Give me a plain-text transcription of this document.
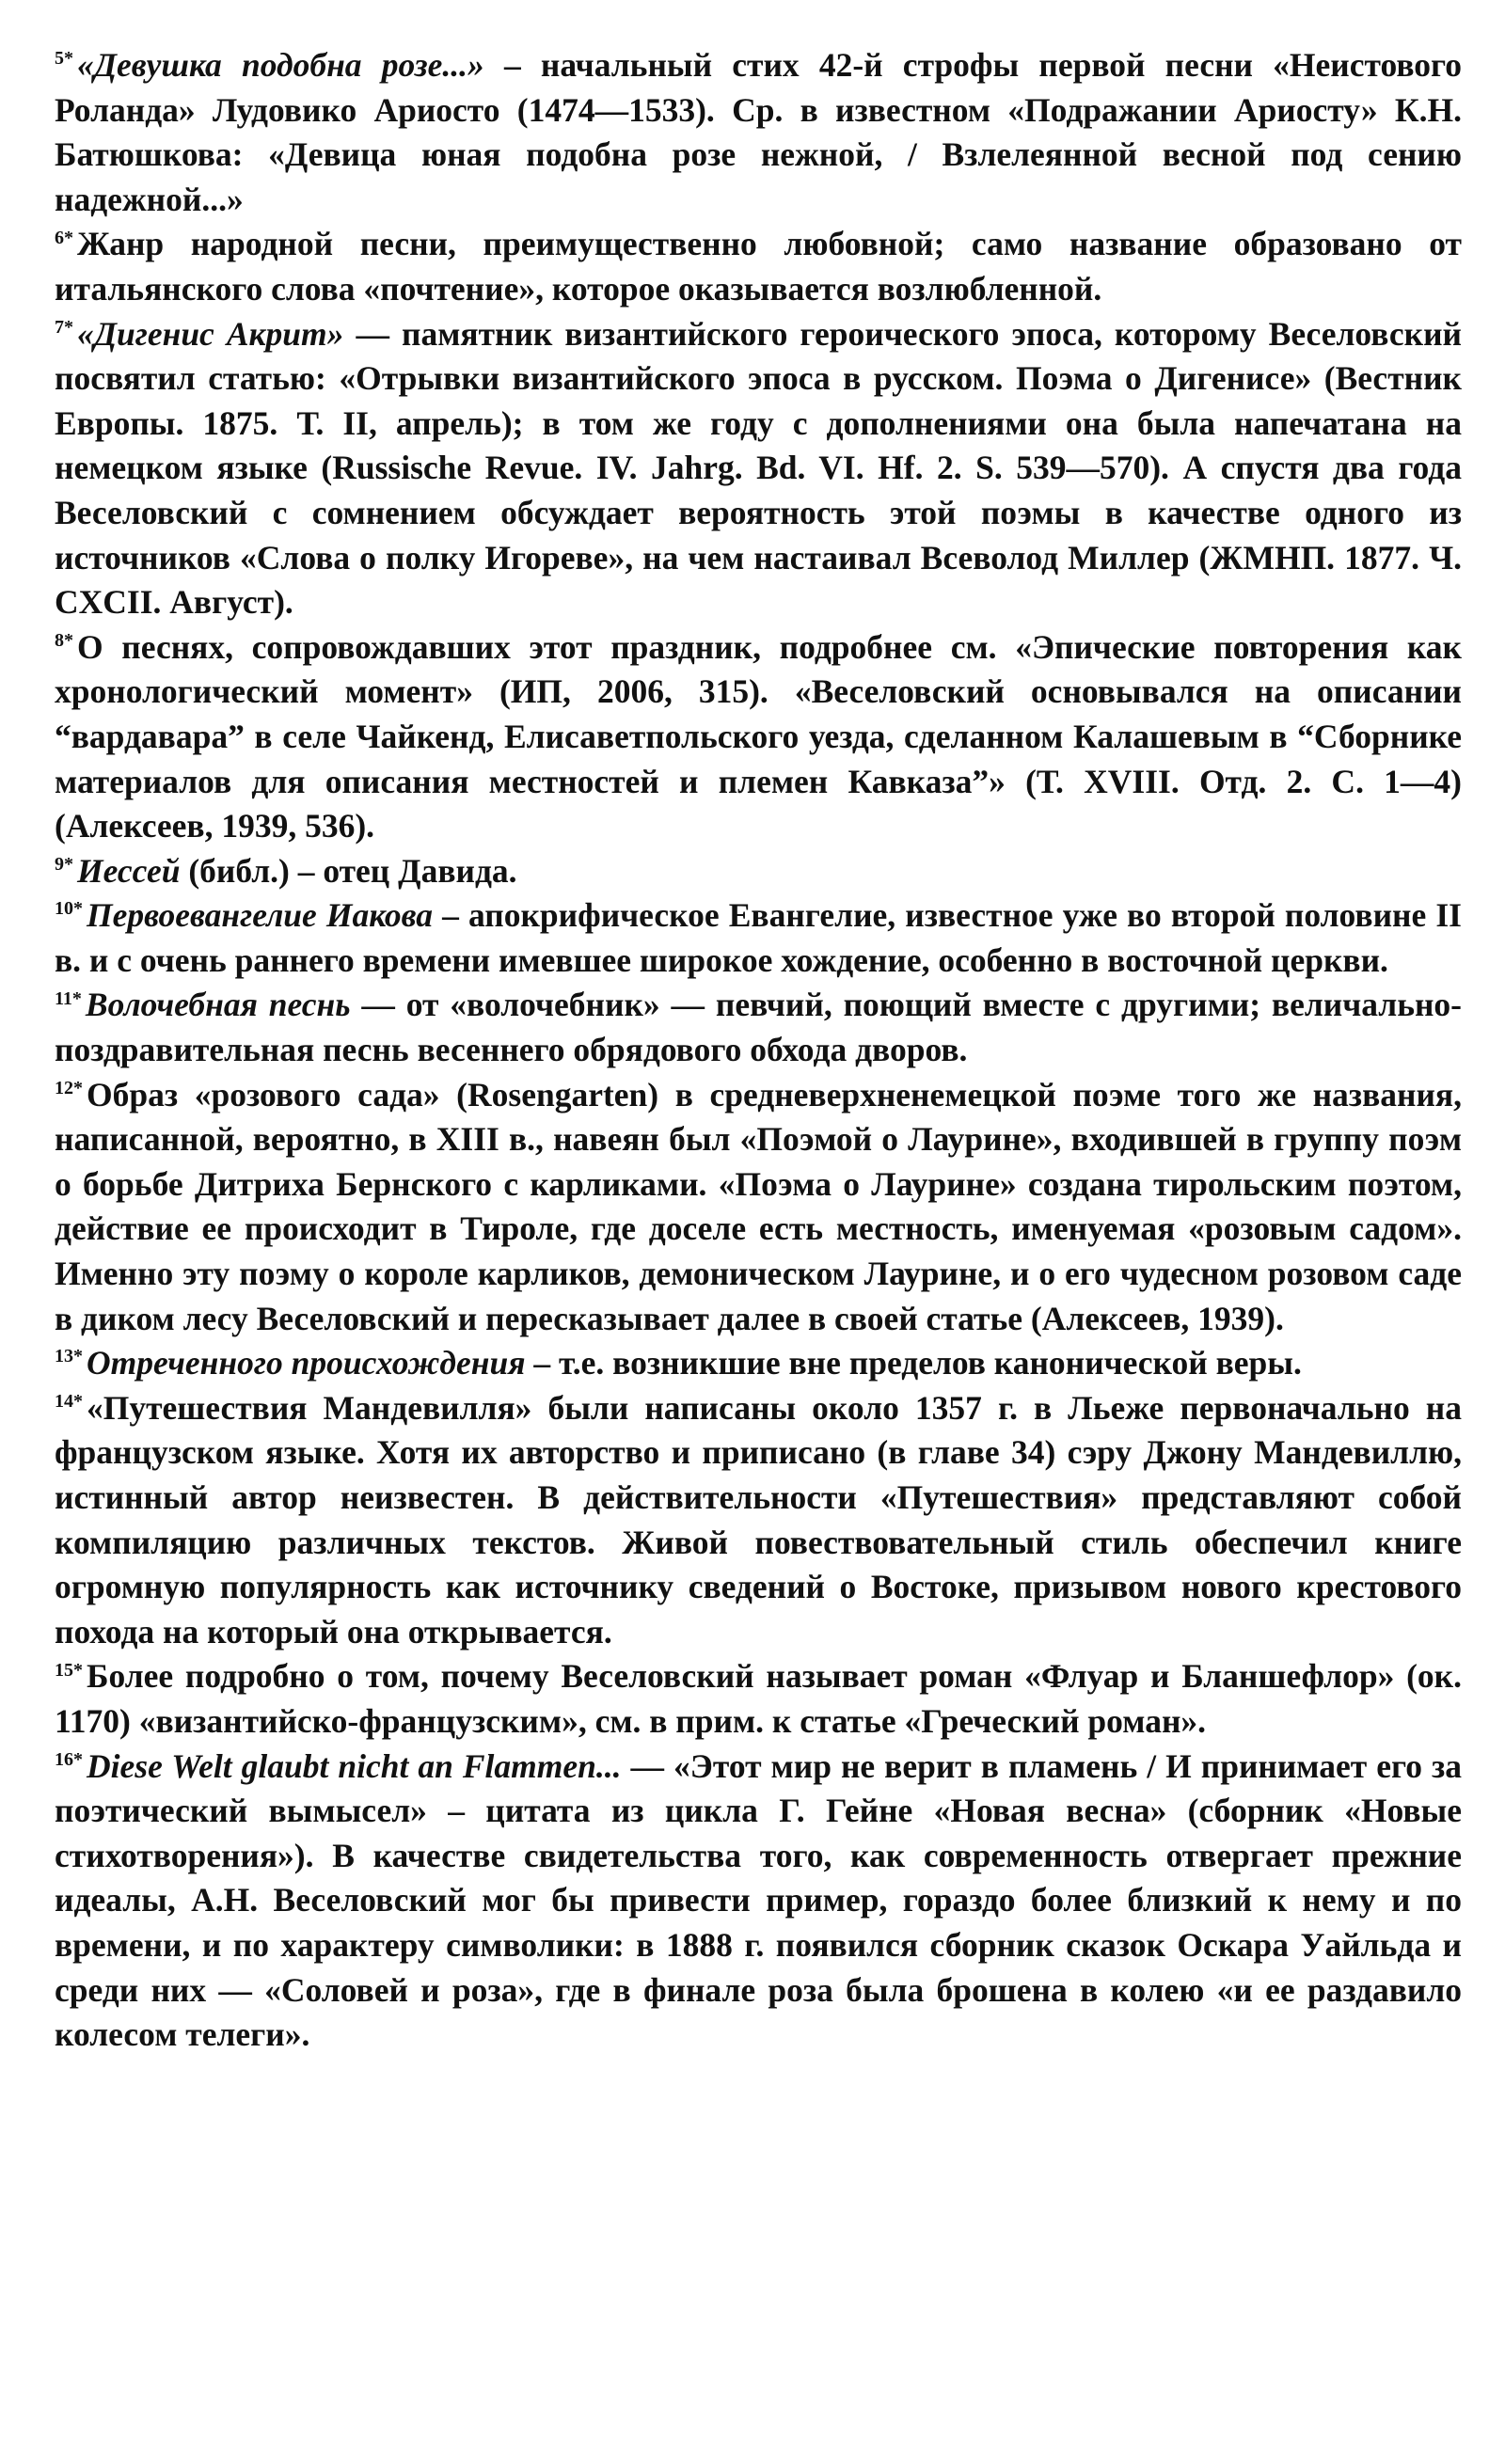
$^{5*}$ «Девушка подобна розе...» – начальный стих 42-й строфы первой песни «Неистового Роланда» Лудовико Ариосто (1474—1533). Ср. в известном «Подражании Ариосту» К.Н. Батюшкова: «Девица юная подобна розе нежной, / Взлелеянной весной под сению надежной...»

$^{6*}$ Жанр народной песни, преимущественно любовной; само название образовано от итальянского слова «почтение», которое оказывается возлюбленной.

$^{7*}$ «Дигенис Акрит» — памятник византийского героического эпоса, которому Веселовский посвятил статью: «Отрывки византийского эпоса в русском. Поэма о Дигенисе» (Вестник Европы. 1875. Т. II, апрель); в том же году с дополнениями она была напечатана на немецком языке (Russische Revue. IV. Jahrg. Bd. VI. Hf. 2. S. 539—570). А спустя два года Веселовский с сомнением обсуждает вероятность этой поэмы в качестве одного из источников «Слова о полку Игореве», на чем настаивал Всеволод Миллер (ЖМНП. 1877. Ч. CXCII. Август).

$^{8*}$ О песнях, сопровождавших этот праздник, подробнее см. «Эпические повторения как хронологический момент» (ИП, 2006, 315). «Веселовский основывался на описании “вардавара” в селе Чайкенд, Елисаветпольского уезда, сделанном Калашевым в “Сборнике материалов для описания местностей и племен Кавказа”» (Т. XVIII. Отд. 2. С. 1—4) (Алексеев, 1939, 536).

$^{9*}$ Иессей (библ.) – отец Давида.

$^{10*}$ Первоевангелие Иакова – апокрифическое Евангелие, известное уже во второй половине II в. и с очень раннего времени имевшее широкое хождение, особенно в восточной церкви.

$^{11*}$ Волочебная песнь — от «волочебник» — певчий, поющий вместе с другими; величально-поздравительная песнь весеннего обрядового обхода дворов.

$^{12*}$ Образ «розового сада» (Rosengarten) в средневерхненемецкой поэме того же названия, написанной, вероятно, в XIII в., навеян был «Поэмой о Лаурине», входившей в группу поэм о борьбе Дитриха Бернского с карликами. «Поэма о Лаурине» создана тирольским поэтом, действие ее происходит в Тироле, где доселе есть местность, именуемая «розовым садом». Именно эту поэму о короле карликов, демоническом Лаурине, и о его чудесном розовом саде в диком лесу Веселовский и пересказывает далее в своей статье (Алексеев, 1939).

$^{13*}$ Отреченного происхождения – т.е. возникшие вне пределов канонической веры.

$^{14*}$ «Путешествия Мандевилля» были написаны около 1357 г. в Льеже первоначально на французском языке. Хотя их авторство и приписано (в главе 34) сэру Джону Мандевиллю, истинный автор неизвестен. В действительности «Путешествия» представляют собой компиляцию различных текстов. Живой повествовательный стиль обеспечил книге огромную популярность как источнику сведений о Востоке, призывом нового крестового похода на который она открывается.

$^{15*}$ Более подробно о том, почему Веселовский называет роман «Флуар и Бланшефлор» (ок. 1170) «византийско-французским», см. в прим. к статье «Греческий роман».

$^{16*}$ Diese Welt glaubt nicht an Flammen... — «Этот мир не верит в пламень / И принимает его за поэтический вымысел» – цитата из цикла Г. Гейне «Новая весна» (сборник «Новые стихотворения»). В качестве свидетельства того, как современность отвергает прежние идеалы, А.Н. Веселовский мог бы привести пример, гораздо более близкий к нему и по времени, и по характеру символики: в 1888 г. появился сборник сказок Оскара Уайльда и среди них — «Соловей и роза», где в финале роза была брошена в колею «и ее раздавило колесом телеги».
